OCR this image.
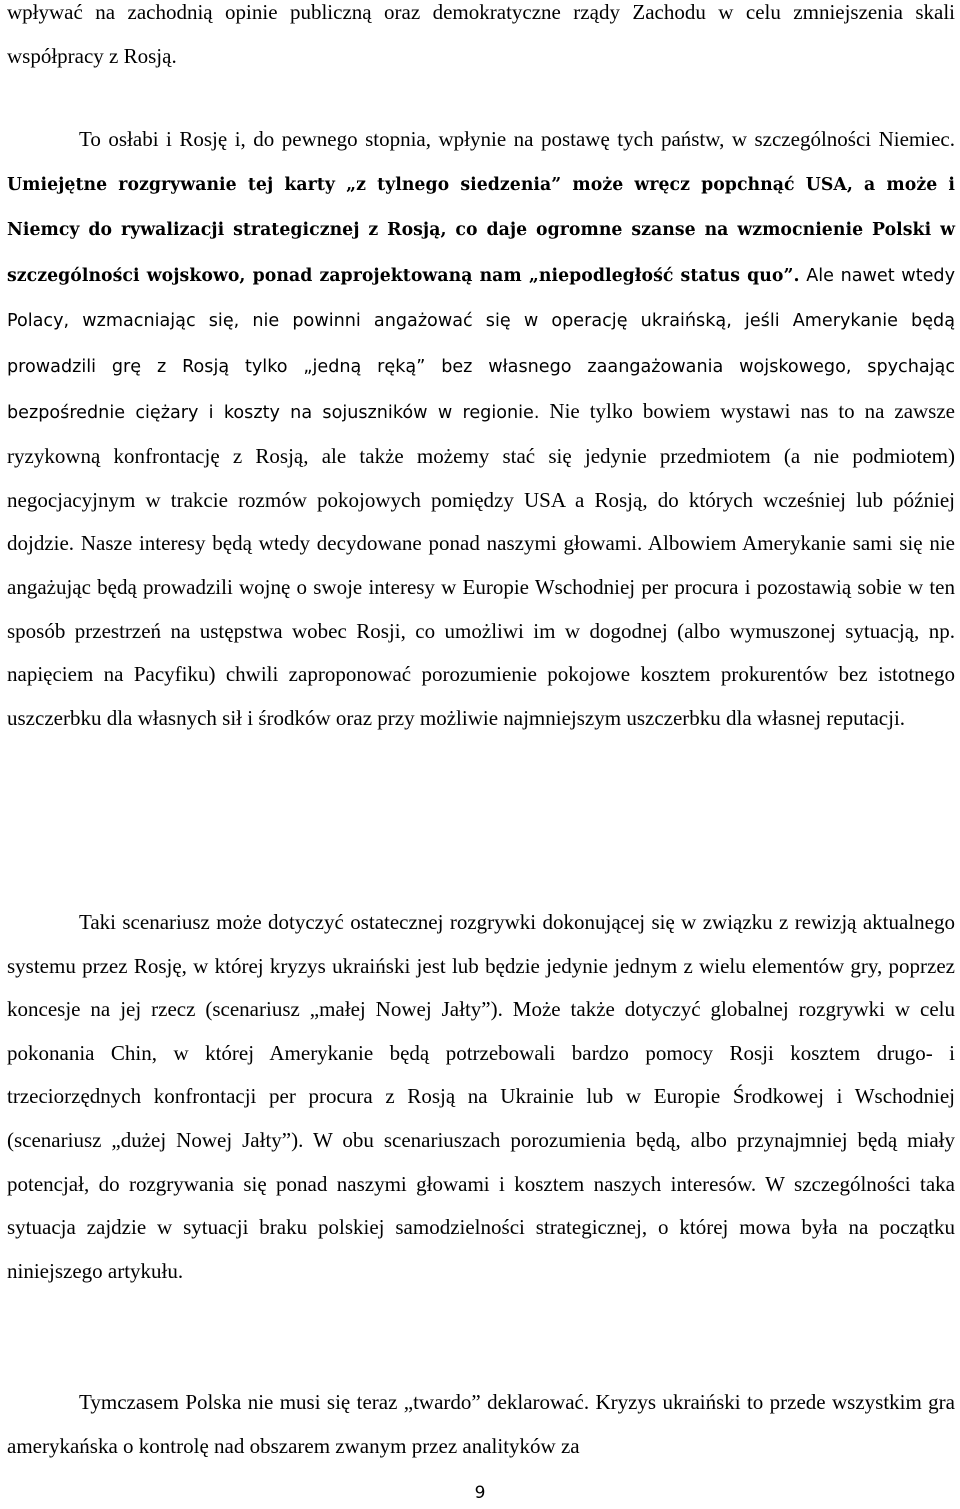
wpływać na zachodnią opinie publiczną oraz demokratyczne rządy Zachodu w celu zmniejszenia skali współpracy z Rosją.

To osłabi i Rosję i, do pewnego stopnia, wpłynie na postawę tych państw, w szczególności Niemiec. Umiejętne rozgrywanie tej karty „z tylnego siedzenia” może wręcz popchnąć USA, a może i Niemcy do rywalizacji strategicznej z Rosją, co daje ogromne szanse na wzmocnienie Polski w szczególności wojskowo, ponad zaprojektowaną nam „niepodległość status quo”. Ale nawet wtedy Polacy, wzmacniając się, nie powinni angażować się w operację ukraińską, jeśli Amerykanie będą prowadzili grę z Rosją tylko „jedną ręką” bez własnego zaangażowania wojskowego, spychając bezpośrednie ciężary i koszty na sojuszników w regionie. Nie tylko bowiem wystawi nas to na zawsze ryzykowną konfrontację z Rosją, ale także możemy stać się jedynie przedmiotem (a nie podmiotem) negocjacyjnym w trakcie rozmów pokojowych pomiędzy USA a Rosją, do których wcześniej lub później dojdzie. Nasze interesy będą wtedy decydowane ponad naszymi głowami. Albowiem Amerykanie sami się nie angażując będą prowadzili wojnę o swoje interesy w Europie Wschodniej per procura i pozostawią sobie w ten sposób przestrzeń na ustępstwa wobec Rosji, co umożliwi im w dogodnej (albo wymuszonej sytuacją, np. napięciem na Pacyfiku) chwili zaproponować porozumienie pokojowe kosztem prokurentów bez istotnego uszczerbku dla własnych sił i środków oraz przy możliwie najmniejszym uszczerbku dla własnej reputacji.

Taki scenariusz może dotyczyć ostatecznej rozgrywki dokonującej się w związku z rewizją aktualnego systemu przez Rosję, w której kryzys ukraiński jest lub będzie jedynie jednym z wielu elementów gry, poprzez koncesje na jej rzecz (scenariusz „małej Nowej Jałty”). Może także dotyczyć globalnej rozgrywki w celu pokonania Chin, w której Amerykanie będą potrzebowali bardzo pomocy Rosji kosztem drugo- i trzeciorzędnych konfrontacji per procura z Rosją na Ukrainie lub w Europie Środkowej i Wschodniej (scenariusz „dużej Nowej Jałty”). W obu scenariuszach porozumienia będą, albo przynajmniej będą miały potencjał, do rozgrywania się ponad naszymi głowami i kosztem naszych interesów. W szczególności taka sytuacja zajdzie w sytuacji braku polskiej samodzielności strategicznej, o której mowa była na początku niniejszego artykułu.

Tymczasem Polska nie musi się teraz „twardo” deklarować. Kryzys ukraiński to przede wszystkim gra amerykańska o kontrolę nad obszarem zwanym przez analityków za

9
